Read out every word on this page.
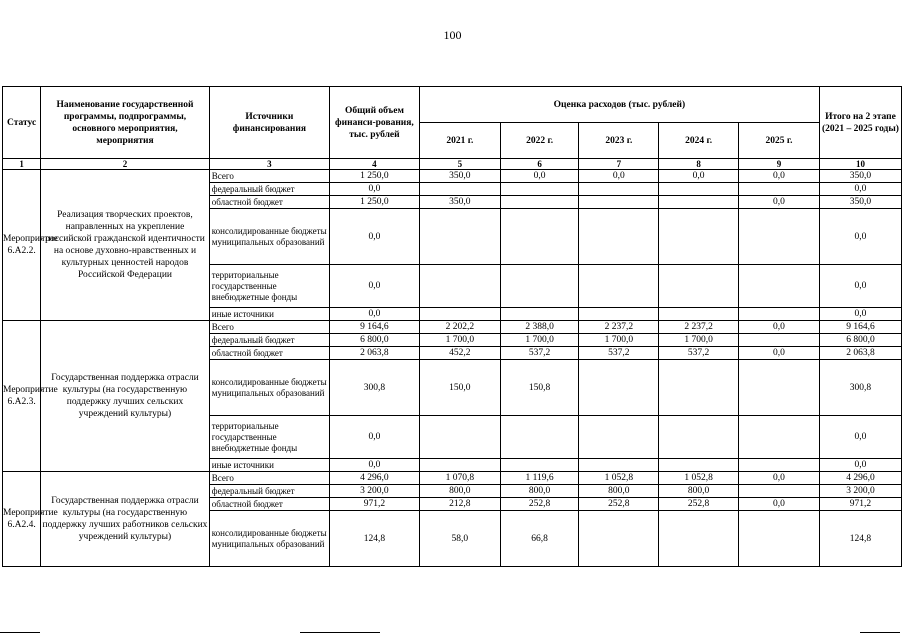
100
Статус	Наименование государственной программы, подпрограммы, основного мероприятия, мероприятия	Источники финансирования	Общий объем финанси-рования, тыс. рублей	Оценка расходов (тыс. рублей)					Итого на 2 этапе (2021 – 2025 годы)
				2021 г.	2022 г.	2023 г.	2024 г.	2025 г.	
1	2	3	4	5	6	7	8	9	10
Мероприятие 6.А2.2.	Реализация творческих проектов, направленных на укрепление российской гражданской идентичности на основе духовно-нравственных и культурных ценностей народов Российской Федерации	Всего	1 250,0	350,0	0,0	0,0	0,0	0,0	350,0
		федеральный бюджет	0,0						0,0
		областной бюджет	1 250,0	350,0				0,0	350,0
		консолидированные бюджеты муниципальных образований	0,0						0,0
		территориальные государственные внебюджетные фонды	0,0						0,0
		иные источники	0,0						0,0
Мероприятие 6.А2.3.	Государственная поддержка отрасли культуры (на государственную поддержку лучших сельских учреждений культуры)	Всего	9 164,6	2 202,2	2 388,0	2 237,2	2 237,2	0,0	9 164,6
		федеральный бюджет	6 800,0	1 700,0	1 700,0	1 700,0	1 700,0		6 800,0
		областной бюджет	2 063,8	452,2	537,2	537,2	537,2	0,0	2 063,8
		консолидированные бюджеты муниципальных образований	300,8	150,0	150,8				300,8
		территориальные государственные внебюджетные фонды	0,0						0,0
		иные источники	0,0						0,0
Мероприятие 6.А2.4.	Государственная поддержка отрасли культуры (на государственную поддержку лучших работников сельских учреждений культуры)	Всего	4 296,0	1 070,8	1 119,6	1 052,8	1 052,8	0,0	4 296,0
		федеральный бюджет	3 200,0	800,0	800,0	800,0	800,0		3 200,0
		областной бюджет	971,2	212,8	252,8	252,8	252,8	0,0	971,2
		консолидированные бюджеты муниципальных образований	124,8	58,0	66,8				124,8
